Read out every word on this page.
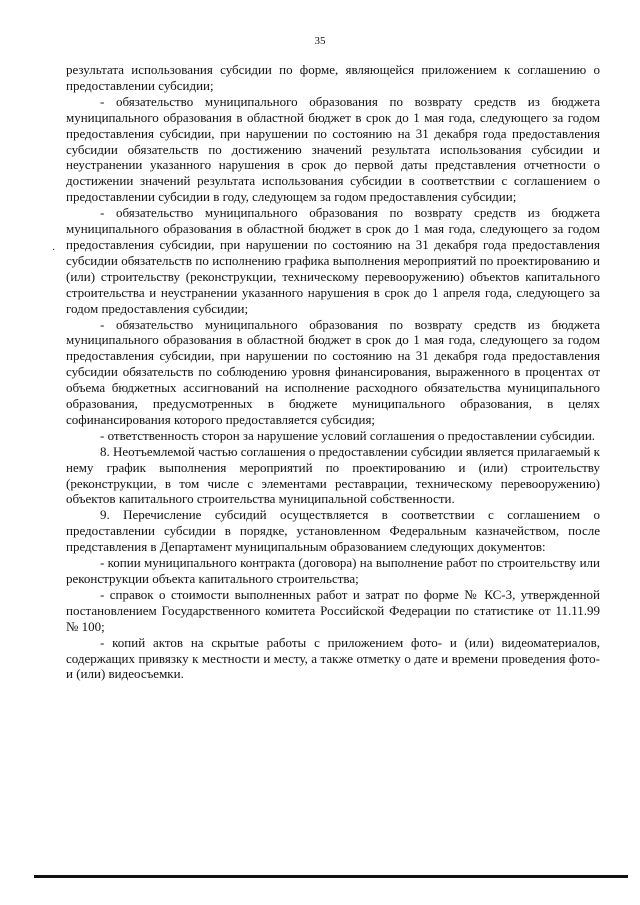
35
·

результата использования субсидии по форме, являющейся приложением к соглашению о предоставлении субсидии;

- обязательство муниципального образования по возврату средств из бюджета муниципального образования в областной бюджет в срок до 1 мая года, следующего за годом предоставления субсидии, при нарушении по состоянию на 31 декабря года предоставления субсидии обязательств по достижению значений результата использования субсидии и неустранении указанного нарушения в срок до первой даты представления отчетности о достижении значений результата использования субсидии в соответствии с соглашением о предоставлении субсидии в году, следующем за годом предоставления субсидии;

- обязательство муниципального образования по возврату средств из бюджета муниципального образования в областной бюджет в срок до 1 мая года, следующего за годом предоставления субсидии, при нарушении по состоянию на 31 декабря года предоставления субсидии обязательств по исполнению графика выполнения мероприятий по проектированию и (или) строительству (реконструкции, техническому перевооружению) объектов капитального строительства и неустранении указанного нарушения в срок до 1 апреля года, следующего за годом предоставления субсидии;

- обязательство муниципального образования по возврату средств из бюджета муниципального образования в областной бюджет в срок до 1 мая года, следующего за годом предоставления субсидии, при нарушении по состоянию на 31 декабря года предоставления субсидии обязательств по соблюдению уровня финансирования, выраженного в процентах от объема бюджетных ассигнований на исполнение расходного обязательства муниципального образования, предусмотренных в бюджете муниципального образования, в целях софинансирования которого предоставляется субсидия;

- ответственность сторон за нарушение условий соглашения о предоставлении субсидии.

8. Неотъемлемой частью соглашения о предоставлении субсидии является прилагаемый к нему график выполнения мероприятий по проектированию и (или) строительству (реконструкции, в том числе с элементами реставрации, техническому перевооружению) объектов капитального строительства муниципальной собственности.

9. Перечисление субсидий осуществляется в соответствии с соглашением о предоставлении субсидии в порядке, установленном Федеральным казначейством, после представления в Департамент муниципальным образованием следующих документов:

- копии муниципального контракта (договора) на выполнение работ по строительству или реконструкции объекта капитального строительства;

- справок о стоимости выполненных работ и затрат по форме № КС-3, утвержденной постановлением Государственного комитета Российской Федерации по статистике от 11.11.99 № 100;

- копий актов на скрытые работы с приложением фото- и (или) видеоматериалов, содержащих привязку к местности и месту, а также отметку о дате и времени проведения фото- и (или) видеосъемки.
